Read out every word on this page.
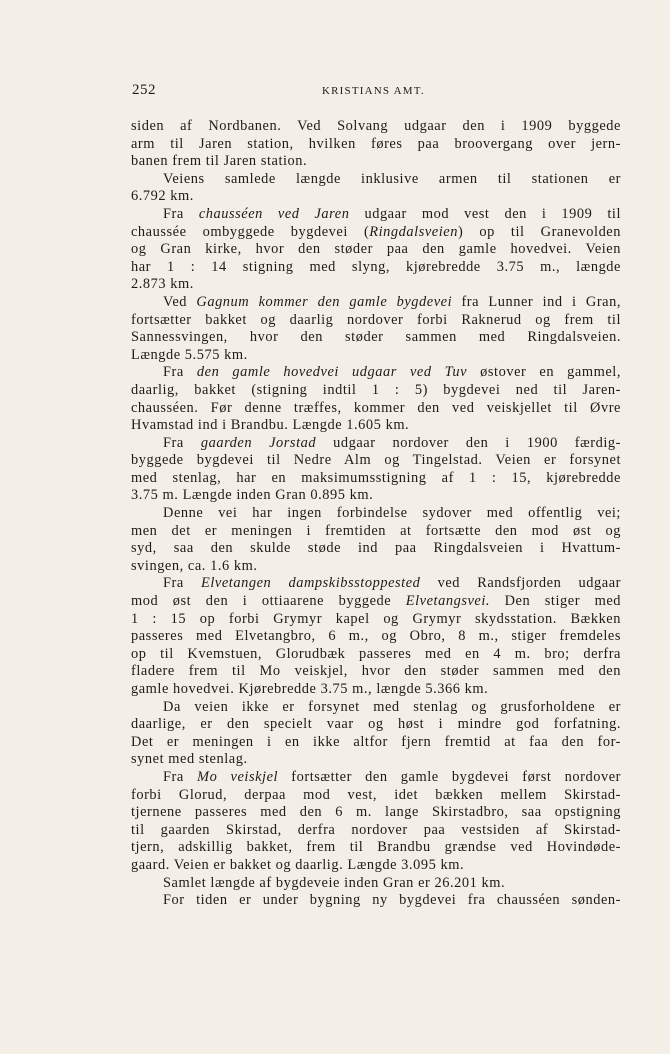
252	KRISTIANS AMT.
siden af Nordbanen. Ved Solvang udgaar den i 1909 byggede
arm til Jaren station, hvilken føres paa broovergang over jern-
banen frem til Jaren station.
Veiens samlede længde inklusive armen til stationen er
6.792 km.
Fra chausséen ved Jaren udgaar mod vest den i 1909 til
chaussée ombyggede bygdevei (Ringdalsveien) op til Granevolden
og Gran kirke, hvor den støder paa den gamle hovedvei. Veien
har 1 : 14 stigning med slyng, kjørebredde 3.75 m., længde
2.873 km.
Ved Gagnum kommer den gamle bygdevei fra Lunner ind i Gran,
fortsætter bakket og daarlig nordover forbi Raknerud og frem til
Sannessvingen, hvor den støder sammen med Ringdalsveien.
Længde 5.575 km.
Fra den gamle hovedvei udgaar ved Tuv østover en gammel,
daarlig, bakket (stigning indtil 1 : 5) bygdevei ned til Jaren-
chausséen. Før denne træffes, kommer den ved veiskjellet til Øvre
Hvamstad ind i Brandbu. Længde 1.605 km.
Fra gaarden Jorstad udgaar nordover den i 1900 færdig-
byggede bygdevei til Nedre Alm og Tingelstad. Veien er forsynet
med stenlag, har en maksimumsstigning af 1 : 15, kjørebredde
3.75 m. Længde inden Gran 0.895 km.
Denne vei har ingen forbindelse sydover med offentlig vei;
men det er meningen i fremtiden at fortsætte den mod øst og
syd, saa den skulde støde ind paa Ringdalsveien i Hvattum-
svingen, ca. 1.6 km.
Fra Elvetangen dampskibsstoppested ved Randsfjorden udgaar
mod øst den i ottiaarene byggede Elvetangsvei. Den stiger med
1 : 15 op forbi Grymyr kapel og Grymyr skydsstation. Bækken
passeres med Elvetangbro, 6 m., og Obro, 8 m., stiger fremdeles
op til Kvemstuen, Glorudbæk passeres med en 4 m. bro; derfra
fladere frem til Mo veiskjel, hvor den støder sammen med den
gamle hovedvei. Kjørebredde 3.75 m., længde 5.366 km.
Da veien ikke er forsynet med stenlag og grusforholdene er
daarlige, er den specielt vaar og høst i mindre god forfatning.
Det er meningen i en ikke altfor fjern fremtid at faa den for-
synet med stenlag.
Fra Mo veiskjel fortsætter den gamle bygdevei først nordover
forbi Glorud, derpaa mod vest, idet bækken mellem Skirstad-
tjernene passeres med den 6 m. lange Skirstadbro, saa opstigning
til gaarden Skirstad, derfra nordover paa vestsiden af Skirstad-
tjern, adskillig bakket, frem til Brandbu grændse ved Hovindøde-
gaard. Veien er bakket og daarlig. Længde 3.095 km.
Samlet længde af bygdeveie inden Gran er 26.201 km.
For tiden er under bygning ny bygdevei fra chausséen sønden-
